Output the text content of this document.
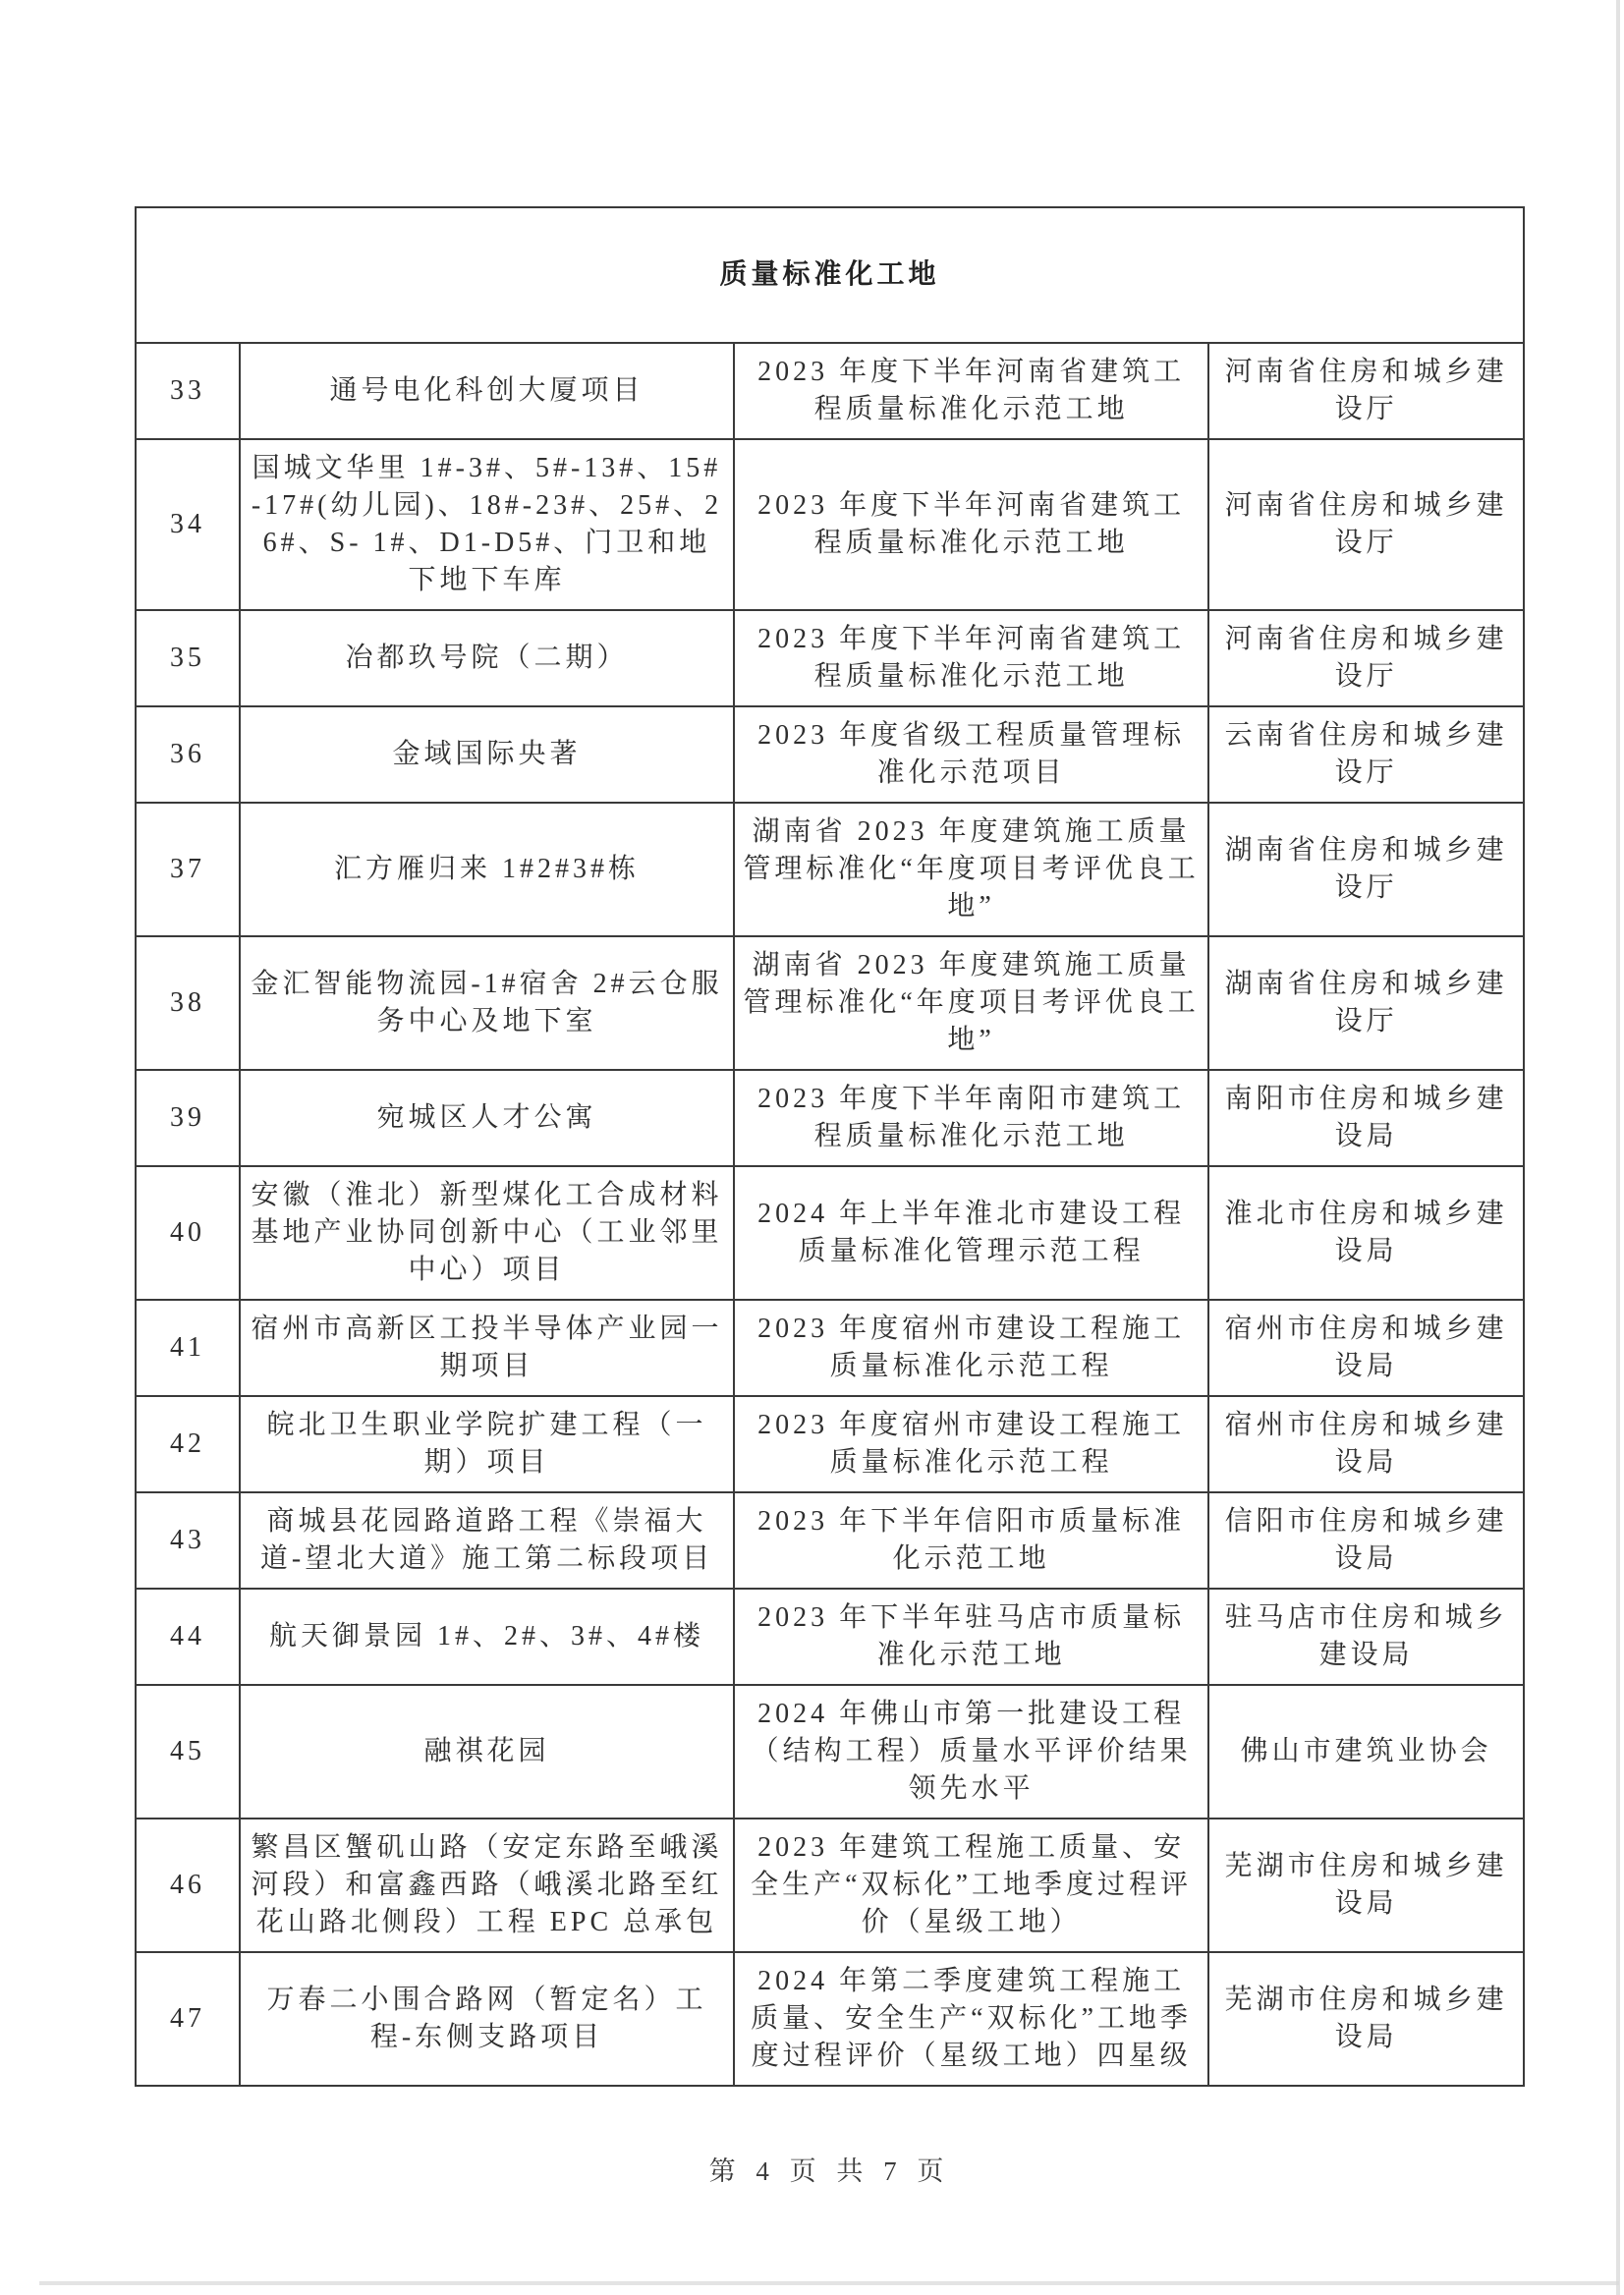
质量标准化工地			
33	通号电化科创大厦项目	2023 年度下半年河南省建筑工程质量标准化示范工地	河南省住房和城乡建设厅
34	国城文华里 1#-3#、5#-13#、15#-17#(幼儿园)、18#-23#、25#、26#、S- 1#、D1-D5#、门卫和地下地下车库	2023 年度下半年河南省建筑工程质量标准化示范工地	河南省住房和城乡建设厅
35	冶都玖号院（二期）	2023 年度下半年河南省建筑工程质量标准化示范工地	河南省住房和城乡建设厅
36	金域国际央著	2023 年度省级工程质量管理标准化示范项目	云南省住房和城乡建设厅
37	汇方雁归来 1#2#3#栋	湖南省 2023 年度建筑施工质量管理标准化“年度项目考评优良工地”	湖南省住房和城乡建设厅
38	金汇智能物流园-1#宿舍 2#云仓服务中心及地下室	湖南省 2023 年度建筑施工质量管理标准化“年度项目考评优良工地”	湖南省住房和城乡建设厅
39	宛城区人才公寓	2023 年度下半年南阳市建筑工程质量标准化示范工地	南阳市住房和城乡建设局
40	安徽（淮北）新型煤化工合成材料基地产业协同创新中心（工业邻里中心）项目	2024 年上半年淮北市建设工程质量标准化管理示范工程	淮北市住房和城乡建设局
41	宿州市高新区工投半导体产业园一期项目	2023 年度宿州市建设工程施工质量标准化示范工程	宿州市住房和城乡建设局
42	皖北卫生职业学院扩建工程（一期）项目	2023 年度宿州市建设工程施工质量标准化示范工程	宿州市住房和城乡建设局
43	商城县花园路道路工程《崇福大道-望北大道》施工第二标段项目	2023 年下半年信阳市质量标准化示范工地	信阳市住房和城乡建设局
44	航天御景园 1#、2#、3#、4#楼	2023 年下半年驻马店市质量标准化示范工地	驻马店市住房和城乡建设局
45	融祺花园	2024 年佛山市第一批建设工程（结构工程）质量水平评价结果领先水平	佛山市建筑业协会
46	繁昌区蟹矶山路（安定东路至峨溪河段）和富鑫西路（峨溪北路至红花山路北侧段）工程 EPC 总承包	2023 年建筑工程施工质量、安全生产“双标化”工地季度过程评价（星级工地）	芜湖市住房和城乡建设局
47	万春二小围合路网（暂定名）工程-东侧支路项目	2024 年第二季度建筑工程施工质量、安全生产“双标化”工地季度过程评价（星级工地）四星级	芜湖市住房和城乡建设局
第 4 页 共 7 页
